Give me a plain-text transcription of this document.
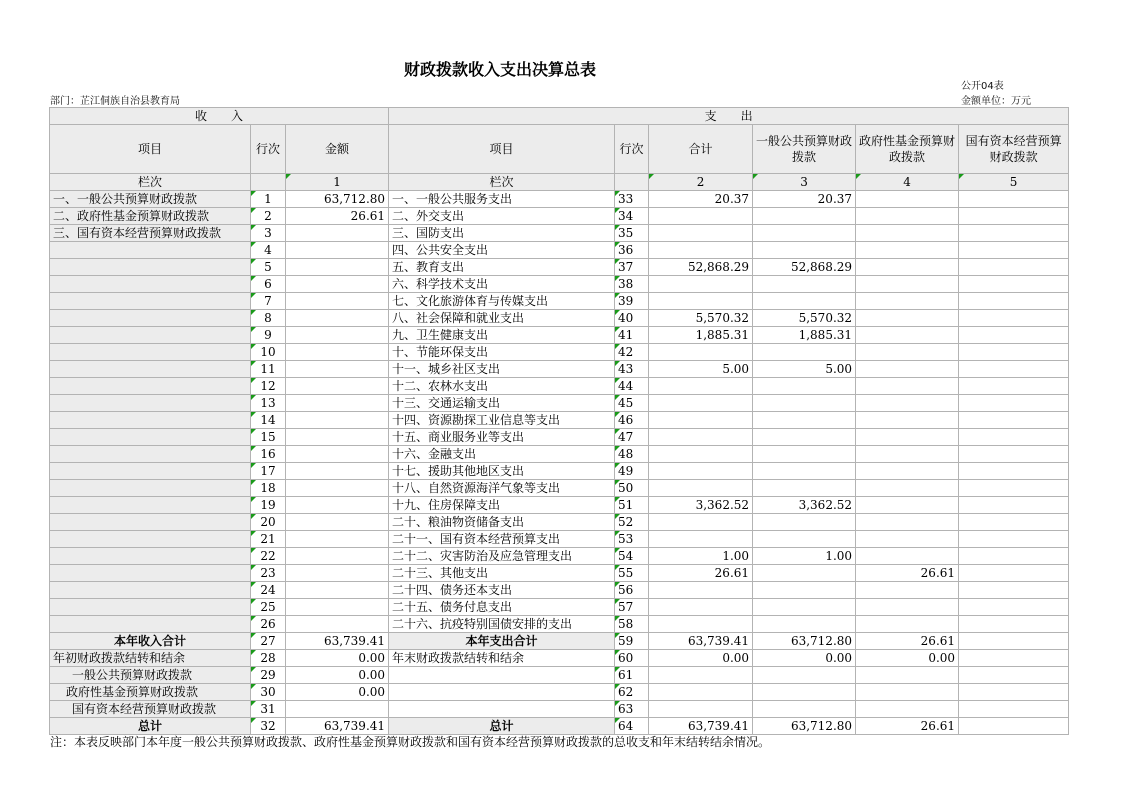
财政拨款收入支出决算总表
公开04表
部门：芷江侗族自治县教育局	金额单位：万元
收　　入			支　　出					
项目	行次	金额	项目	行次	合计	一般公共预算财政拨款	政府性基金预算财政拨款	国有资本经营预算财政拨款
栏次		1	栏次		2	3	4	5
一、一般公共预算财政拨款	1	63,712.80	一、一般公共服务支出	33	20.37	20.37		
二、政府性基金预算财政拨款	2	26.61	二、外交支出	34				
三、国有资本经营预算财政拨款	3		三、国防支出	35				
	4		四、公共安全支出	36				
	5		五、教育支出	37	52,868.29	52,868.29		
	6		六、科学技术支出	38				
	7		七、文化旅游体育与传媒支出	39				
	8		八、社会保障和就业支出	40	5,570.32	5,570.32		
	9		九、卫生健康支出	41	1,885.31	1,885.31		
	10		十、节能环保支出	42				
	11		十一、城乡社区支出	43	5.00	5.00		
	12		十二、农林水支出	44				
	13		十三、交通运输支出	45				
	14		十四、资源勘探工业信息等支出	46				
	15		十五、商业服务业等支出	47				
	16		十六、金融支出	48				
	17		十七、援助其他地区支出	49				
	18		十八、自然资源海洋气象等支出	50				
	19		十九、住房保障支出	51	3,362.52	3,362.52		
	20		二十、粮油物资储备支出	52				
	21		二十一、国有资本经营预算支出	53				
	22		二十二、灾害防治及应急管理支出	54	1.00	1.00		
	23		二十三、其他支出	55	26.61		26.61	
	24		二十四、债务还本支出	56				
	25		二十五、债务付息支出	57				
	26		二十六、抗疫特别国债安排的支出	58				
本年收入合计	27	63,739.41	本年支出合计	59	63,739.41	63,712.80	26.61	
年初财政拨款结转和结余	28	0.00	年末财政拨款结转和结余	60	0.00	0.00	0.00	
一般公共预算财政拨款	29	0.00		61				
政府性基金预算财政拨款	30	0.00		62				
国有资本经营预算财政拨款	31			63				
总计	32	63,739.41	总计	64	63,739.41	63,712.80	26.61	
注：本表反映部门本年度一般公共预算财政拨款、政府性基金预算财政拨款和国有资本经营预算财政拨款的总收支和年末结转结余情况。
